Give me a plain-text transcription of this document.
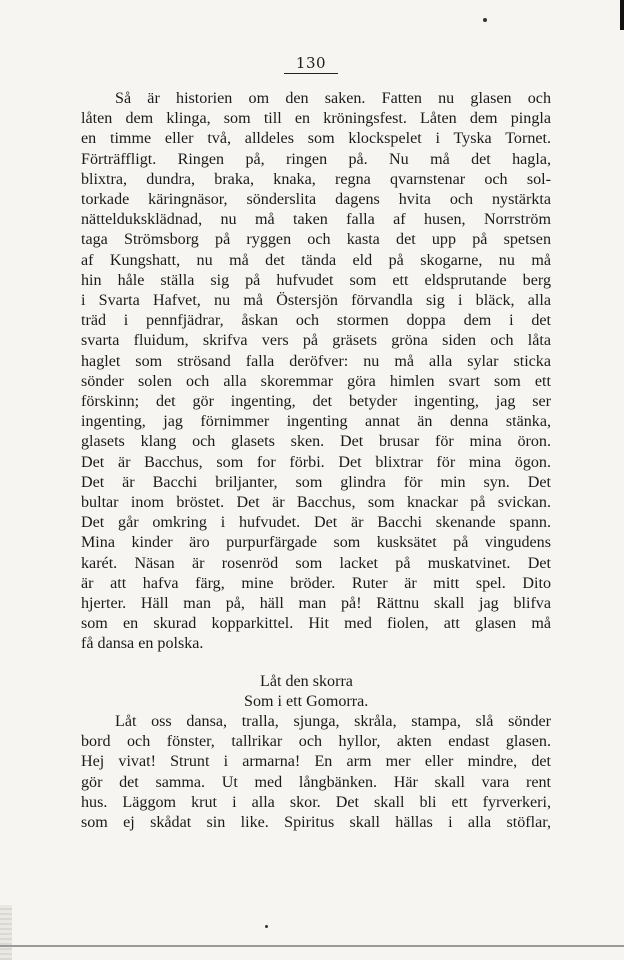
130
Så är historien om den saken. Fatten nu glasen och
låten dem klinga, som till en kröningsfest. Låten dem pingla
en timme eller två, alldeles som klockspelet i Tyska Tornet.
Förträffligt. Ringen på, ringen på. Nu må det hagla,
blixtra, dundra, braka, knaka, regna qvarnstenar och sol-
torkade käringnäsor, sönderslita dagens hvita och nystärkta
nättelduksklädnad, nu må taken falla af husen, Norrström
taga Strömsborg på ryggen och kasta det upp på spetsen
af Kungshatt, nu må det tända eld på skogarne, nu må
hin håle ställa sig på hufvudet som ett eldsprutande berg
i Svarta Hafvet, nu må Östersjön förvandla sig i bläck, alla
träd i pennfjädrar, åskan och stormen doppa dem i det
svarta fluidum, skrifva vers på gräsets gröna siden och låta
haglet som strösand falla deröfver: nu må alla sylar sticka
sönder solen och alla skoremmar göra himlen svart som ett
förskinn; det gör ingenting, det betyder ingenting, jag ser
ingenting, jag förnimmer ingenting annat än denna stänka,
glasets klang och glasets sken. Det brusar för mina öron.
Det är Bacchus, som for förbi. Det blixtrar för mina ögon.
Det är Bacchi briljanter, som glindra för min syn. Det
bultar inom bröstet. Det är Bacchus, som knackar på svickan.
Det går omkring i hufvudet. Det är Bacchi skenande spann.
Mina kinder äro purpurfärgade som kusksätet på vingudens
karét. Näsan är rosenröd som lacket på muskatvinet. Det
är att hafva färg, mine bröder. Ruter är mitt spel. Dito
hjerter. Häll man på, häll man på! Rättnu skall jag blifva
som en skurad kopparkittel. Hit med fiolen, att glasen må
få dansa en polska.
Låt den skorra
Som i ett Gomorra.
Låt oss dansa, tralla, sjunga, skråla, stampa, slå sönder
bord och fönster, tallrikar och hyllor, akten endast glasen.
Hej vivat! Strunt i armarna! En arm mer eller mindre, det
gör det samma. Ut med långbänken. Här skall vara rent
hus. Läggom krut i alla skor. Det skall bli ett fyrverkeri,
som ej skådat sin like. Spiritus skall hällas i alla stöflar,
